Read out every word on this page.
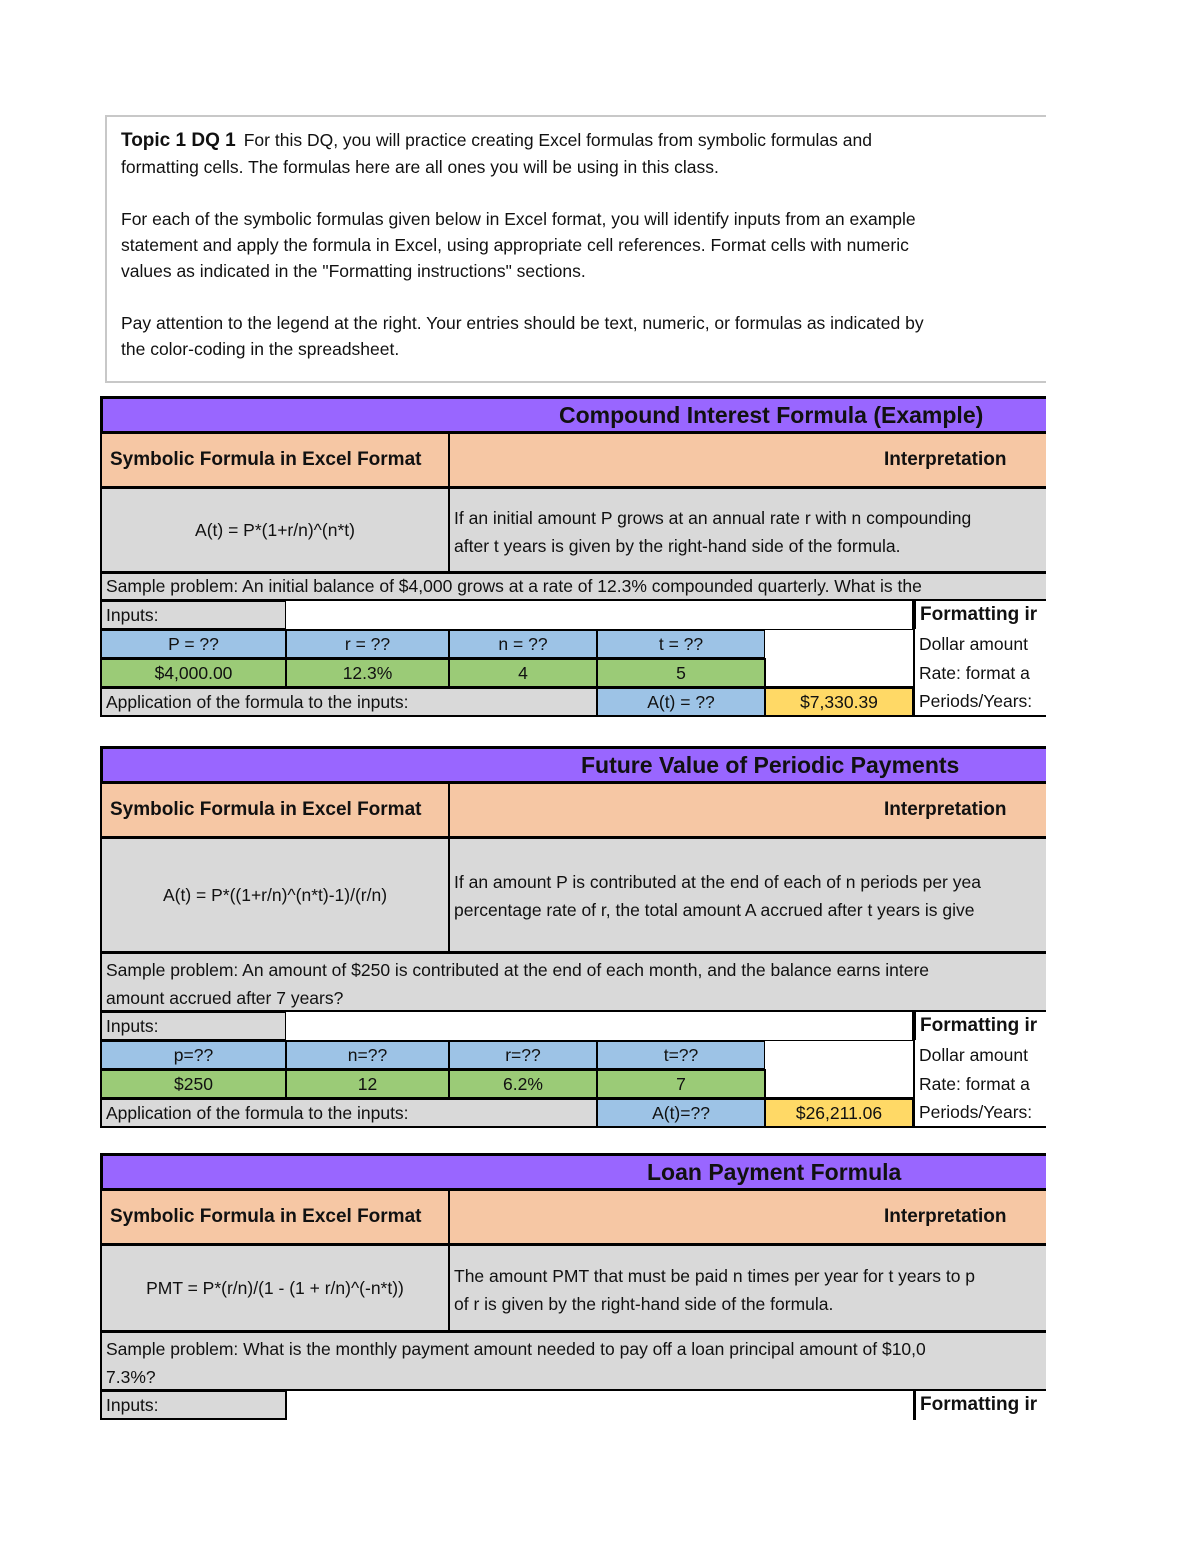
Topic 1 DQ 1 For this DQ, you will practice creating Excel formulas from symbolic formulas and
formatting cells. The formulas here are all ones you will be using in this class.

For each of the symbolic formulas given below in Excel format, you will identify inputs from an example
statement and apply the formula in Excel, using appropriate cell references. Format cells with numeric
values as indicated in the "Formatting instructions" sections.

Pay attention to the legend at the right. Your entries should be text, numeric, or formulas as indicated by
the color-coding in the spreadsheet.

Compound Interest Formula (Example)
Symbolic Formula in Excel Format	Interpretation
A(t) = P*(1+r/n)^(n*t)
If an initial amount P grows at an annual rate r with n compounding
after t years is given by the right-hand side of the formula.
Sample problem: An initial balance of $4,000 grows at a rate of 12.3% compounded quarterly. What is the
Inputs:	Formatting ir
P = ??	r = ??	n = ??	t = ??	Dollar amount
$4,000.00	12.3%	4	5	Rate: format a
Application of the formula to the inputs:	A(t) = ??	$7,330.39	Periods/Years:
Future Value of Periodic Payments
Symbolic Formula in Excel Format	Interpretation
A(t) = P*((1+r/n)^(n*t)-1)/(r/n)
If an amount P is contributed at the end of each of n periods per yea
percentage rate of r, the total amount A accrued after t years is give
Sample problem: An amount of $250 is contributed at the end of each month, and the balance earns intere
amount accrued after 7 years?
Inputs:	Formatting ir
p=??	n=??	r=??	t=??	Dollar amount
$250	12	6.2%	7	Rate: format a
Application of the formula to the inputs:	A(t)=??	$26,211.06	Periods/Years:
Loan Payment Formula
Symbolic Formula in Excel Format	Interpretation
PMT = P*(r/n)/(1 - (1 + r/n)^(-n*t))
The amount PMT that must be paid n times per year for t years to p
of r is given by the right-hand side of the formula.
Sample problem: What is the monthly payment amount needed to pay off a loan principal amount of $10,0
7.3%?
Inputs:	Formatting ir
